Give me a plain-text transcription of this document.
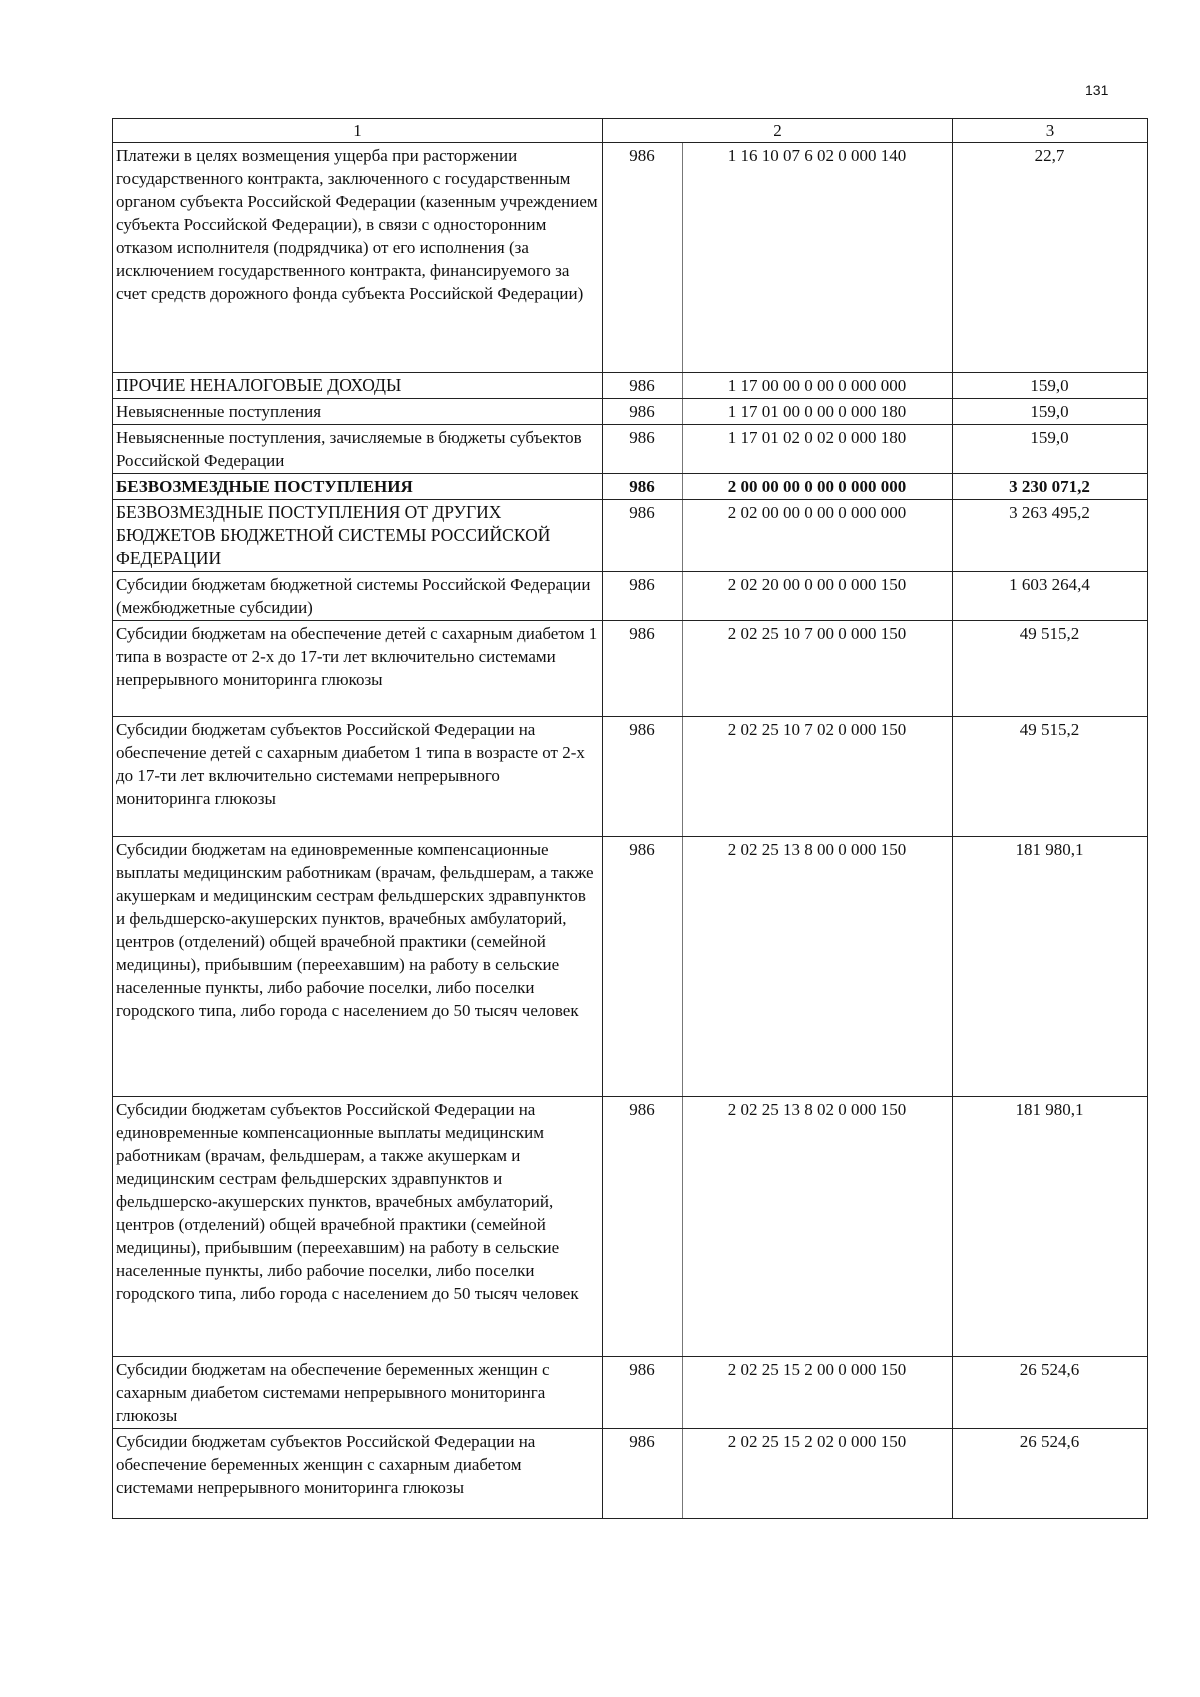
131
1	2		3
Платежи в целях возмещения ущерба при расторжении государственного контракта, заключенного с государственным органом субъекта Российской Федерации (казенным учреждением субъекта Российской Федерации), в связи с односторонним отказом исполнителя (подрядчика) от его исполнения (за исключением государственного контракта, финансируемого за счет средств дорожного фонда субъекта Российской Федерации)	986	1 16 10 07 6 02 0 000 140	22,7
ПРОЧИЕ НЕНАЛОГОВЫЕ ДОХОДЫ	986	1 17 00 00 0 00 0 000 000	159,0
Невыясненные поступления	986	1 17 01 00 0 00 0 000 180	159,0
Невыясненные поступления, зачисляемые в бюджеты субъектов Российской Федерации	986	1 17 01 02 0 02 0 000 180	159,0
БЕЗВОЗМЕЗДНЫЕ ПОСТУПЛЕНИЯ	986	2 00 00 00 0 00 0 000 000	3 230 071,2
БЕЗВОЗМЕЗДНЫЕ ПОСТУПЛЕНИЯ ОТ ДРУГИХ БЮДЖЕТОВ БЮДЖЕТНОЙ СИСТЕМЫ РОССИЙСКОЙ ФЕДЕРАЦИИ	986	2 02 00 00 0 00 0 000 000	3 263 495,2
Субсидии бюджетам бюджетной системы Российской Федерации (межбюджетные субсидии)	986	2 02 20 00 0 00 0 000 150	1 603 264,4
Субсидии бюджетам на обеспечение детей с сахарным диабетом 1 типа в возрасте от 2-х до 17-ти лет включительно системами непрерывного мониторинга глюкозы	986	2 02 25 10 7 00 0 000 150	49 515,2
Субсидии бюджетам субъектов Российской Федерации на обеспечение детей с сахарным диабетом 1 типа в возрасте от 2-х до 17-ти лет включительно системами непрерывного мониторинга глюкозы	986	2 02 25 10 7 02 0 000 150	49 515,2
Субсидии бюджетам на единовременные компенсационные выплаты медицинским работникам (врачам, фельдшерам, а также акушеркам и медицинским сестрам фельдшерских здравпунктов и фельдшерско-акушерских пунктов, врачебных амбулаторий, центров (отделений) общей врачебной практики (семейной медицины), прибывшим (переехавшим) на работу в сельские населенные пункты, либо рабочие поселки, либо поселки городского типа, либо города с населением до 50 тысяч человек	986	2 02 25 13 8 00 0 000 150	181 980,1
Субсидии бюджетам субъектов Российской Федерации на единовременные компенсационные выплаты медицинским работникам (врачам, фельдшерам, а также акушеркам и медицинским сестрам фельдшерских здравпунктов и фельдшерско-акушерских пунктов, врачебных амбулаторий, центров (отделений) общей врачебной практики (семейной медицины), прибывшим (переехавшим) на работу в сельские населенные пункты, либо рабочие поселки, либо поселки городского типа, либо города с населением до 50 тысяч человек	986	2 02 25 13 8 02 0 000 150	181 980,1
Субсидии бюджетам на обеспечение беременных женщин с сахарным диабетом системами непрерывного мониторинга глюкозы	986	2 02 25 15 2 00 0 000 150	26 524,6
Субсидии бюджетам субъектов Российской Федерации на обеспечение беременных женщин с сахарным диабетом системами непрерывного мониторинга глюкозы	986	2 02 25 15 2 02 0 000 150	26 524,6
